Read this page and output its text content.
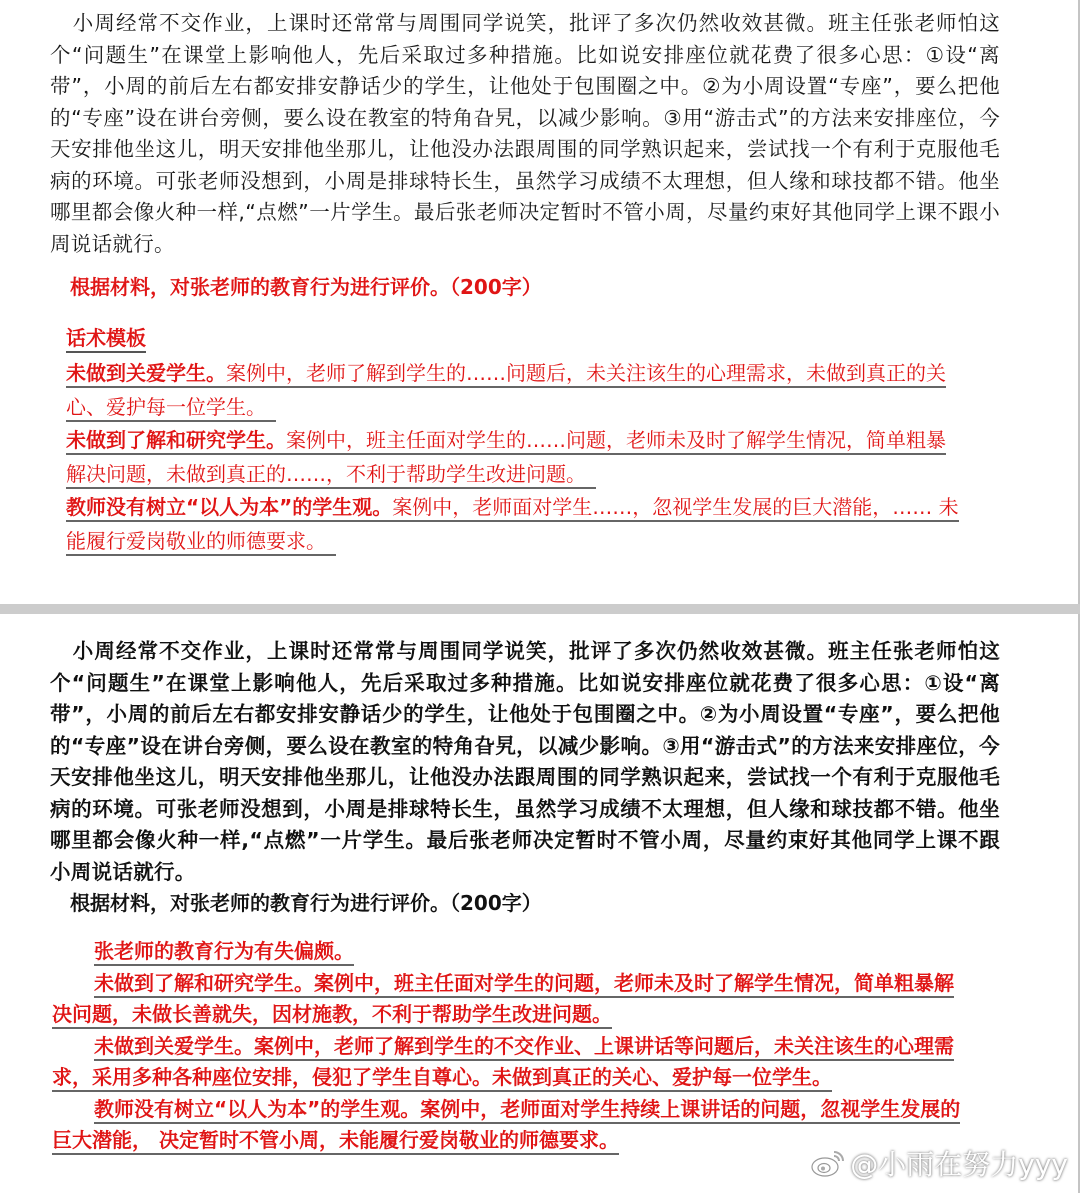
小周经常不交作业，上课时还常常与周围同学说笑，批评了多次仍然收效甚微。班主任张老师怕这个“问题生”在课堂上影响他人，先后采取过多种措施。比如说安排座位就花费了很多心思：①设“离带”，小周的前后左右都安排安静话少的学生，让他处于包围圈之中。②为小周设置“专座”，要么把他的“专座”设在讲台旁侧，要么设在教室的特角旮旯，以减少影响。③用“游击式”的方法来安排座位，今天安排他坐这儿，明天安排他坐那儿，让他没办法跟周围的同学熟识起来，尝试找一个有利于克服他毛病的环境。可张老师没想到，小周是排球特长生，虽然学习成绩不太理想，但人缘和球技都不错。他坐哪里都会像火种一样,“点燃”一片学生。最后张老师决定暂时不管小周，尽量约束好其他同学上课不跟小周说话就行。

根据材料，对张老师的教育行为进行评价。（200字）
话术模板
未做到关爱学生。案例中，老师了解到学生的……问题后，未关注该生的心理需求，未做到真正的关
心、爱护每一位学生。　
未做到了解和研究学生。案例中，班主任面对学生的……问题，老师未及时了解学生情况，简单粗暴
解决问题，未做到真正的……，不利于帮助学生改进问题。　
教师没有树立“以人为本”的学生观。案例中，老师面对学生……，忽视学生发展的巨大潜能，…… 未
能履行爱岗敬业的师德要求。　

小周经常不交作业，上课时还常常与周围同学说笑，批评了多次仍然收效甚微。班主任张老师怕这个“问题生”在课堂上影响他人，先后采取过多种措施。比如说安排座位就花费了很多心思：①设“离带”，小周的前后左右都安排安静话少的学生，让他处于包围圈之中。②为小周设置“专座”，要么把他的“专座”设在讲台旁侧，要么设在教室的特角旮旯，以减少影响。③用“游击式”的方法来安排座位，今天安排他坐这儿，明天安排他坐那儿，让他没办法跟周围的同学熟识起来，尝试找一个有利于克服他毛病的环境。可张老师没想到，小周是排球特长生，虽然学习成绩不太理想，但人缘和球技都不错。他坐哪里都会像火种一样,“点燃”一片学生。最后张老师决定暂时不管小周，尽量约束好其他同学上课不跟小周说话就行。

根据材料，对张老师的教育行为进行评价。（200字）
张老师的教育行为有失偏颇。
未做到了解和研究学生。案例中，班主任面对学生的问题，老师未及时了解学生情况，简单粗暴解
决问题，未做长善就失，因材施教，不利于帮助学生改进问题。
未做到关爱学生。案例中，老师了解到学生的不交作业、上课讲话等问题后，未关注该生的心理需
求，采用多种各种座位安排，侵犯了学生自尊心。未做到真正的关心、爱护每一位学生。
教师没有树立“以人为本”的学生观。案例中，老师面对学生持续上课讲话的问题，忽视学生发展的
巨大潜能， 决定暂时不管小周，未能履行爱岗敬业的师德要求。
@小雨在努力yyy
